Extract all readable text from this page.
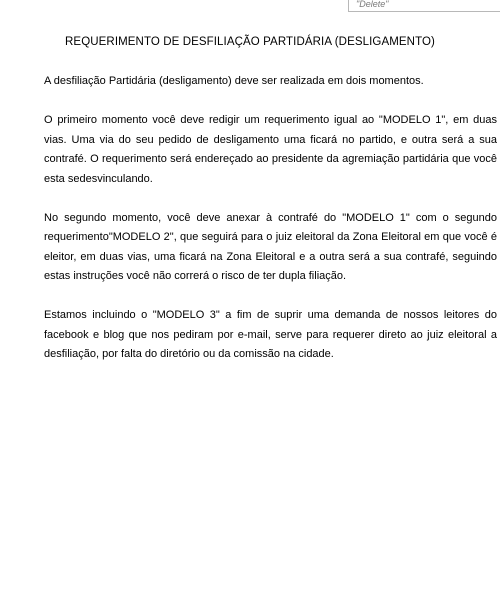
"Delete"
REQUERIMENTO DE DESFILIAÇÃO PARTIDÁRIA (DESLIGAMENTO)

A desfiliação Partidária (desligamento) deve ser realizada em dois momentos.

O primeiro momento você deve redigir um requerimento igual ao "MODELO 1", em duas vias. Uma via do seu pedido de desligamento uma ficará no partido, e outra será a sua contrafé. O requerimento será endereçado ao presidente da agremiação partidária que você esta sedesvinculando.

No segundo momento, você deve anexar à contrafé do "MODELO 1" com o segundo requerimento"MODELO 2", que seguirá para o juiz eleitoral da Zona Eleitoral em que você é eleitor, em duas vias, uma ficará na Zona Eleitoral e a outra será a sua contrafé, seguindo estas instruções você não correrá o risco de ter dupla filiação.

Estamos incluindo o "MODELO 3" a fim de suprir uma demanda de nossos leitores do facebook e blog que nos pediram por e-mail, serve para requerer direto ao juiz eleitoral a desfiliação, por falta do diretório ou da comissão na cidade.
